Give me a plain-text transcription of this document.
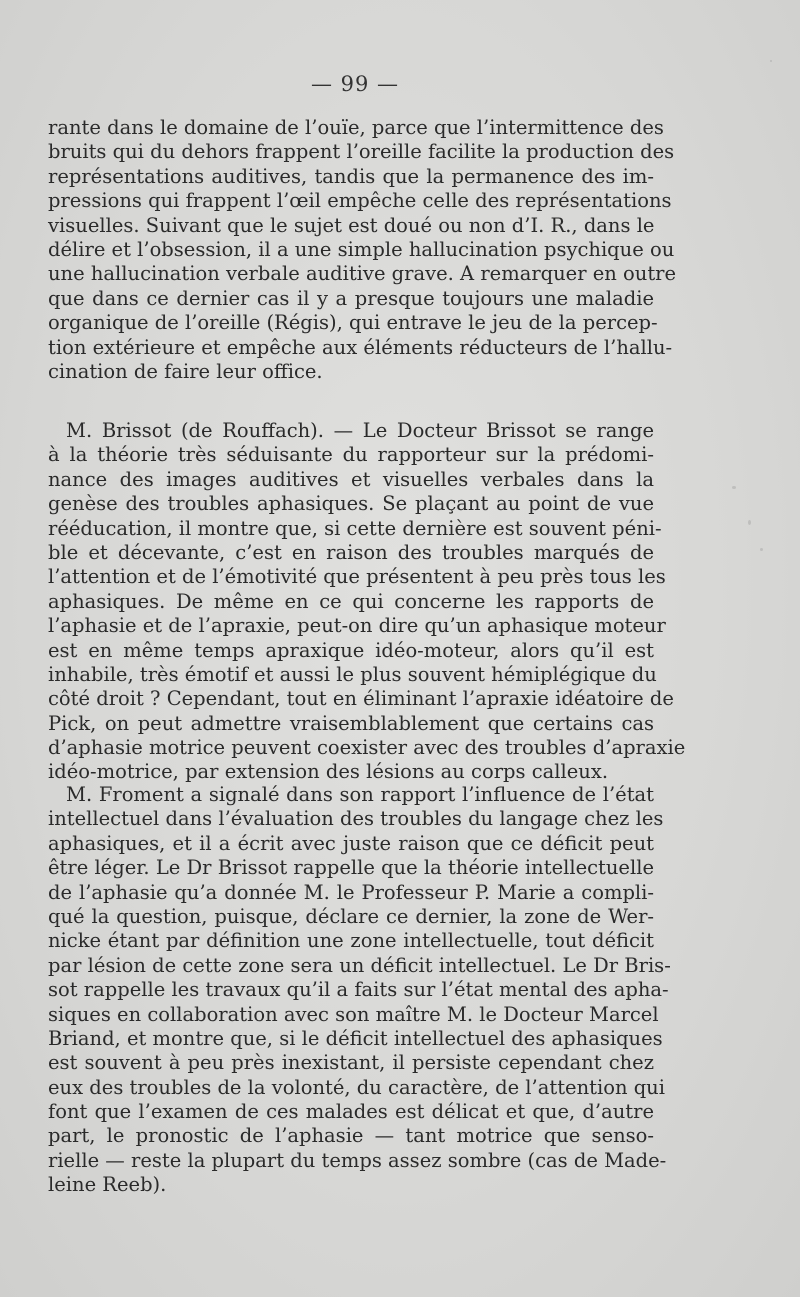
— 99 —
rante dans le domaine de l’ouïe, parce que l’intermittence des
bruits qui du dehors frappent l’oreille facilite la production des
représentations auditives, tandis que la permanence des im-
pressions qui frappent l’œil empêche celle des représentations
visuelles. Suivant que le sujet est doué ou non d’I. R., dans le
délire et l’obsession, il a une simple hallucination psychique ou
une hallucination verbale auditive grave. A remarquer en outre
que dans ce dernier cas il y a presque toujours une maladie
organique de l’oreille (Régis), qui entrave le jeu de la percep-
tion extérieure et empêche aux éléments réducteurs de l’hallu-
cination de faire leur office.
M. Brissot (de Rouffach). — Le Docteur Brissot se range
à la théorie très séduisante du rapporteur sur la prédomi-
nance des images auditives et visuelles verbales dans la
genèse des troubles aphasiques. Se plaçant au point de vue
rééducation, il montre que, si cette dernière est souvent péni-
ble et décevante, c’est en raison des troubles marqués de
l’attention et de l’émotivité que présentent à peu près tous les
aphasiques. De même en ce qui concerne les rapports de
l’aphasie et de l’apraxie, peut-on dire qu’un aphasique moteur
est en même temps apraxique idéo-moteur, alors qu’il est
inhabile, très émotif et aussi le plus souvent hémiplégique du
côté droit ? Cependant, tout en éliminant l’apraxie idéatoire de
Pick, on peut admettre vraisemblablement que certains cas
d’aphasie motrice peuvent coexister avec des troubles d’apraxie
idéo-motrice, par extension des lésions au corps calleux.
M. Froment a signalé dans son rapport l’influence de l’état
intellectuel dans l’évaluation des troubles du langage chez les
aphasiques, et il a écrit avec juste raison que ce déficit peut
être léger. Le Dr Brissot rappelle que la théorie intellectuelle
de l’aphasie qu’a donnée M. le Professeur P. Marie a compli-
qué la question, puisque, déclare ce dernier, la zone de Wer-
nicke étant par définition une zone intellectuelle, tout déficit
par lésion de cette zone sera un déficit intellectuel. Le Dr Bris-
sot rappelle les travaux qu’il a faits sur l’état mental des apha-
siques en collaboration avec son maître M. le Docteur Marcel
Briand, et montre que, si le déficit intellectuel des aphasiques
est souvent à peu près inexistant, il persiste cependant chez
eux des troubles de la volonté, du caractère, de l’attention qui
font que l’examen de ces malades est délicat et que, d’autre
part, le pronostic de l’aphasie — tant motrice que senso-
rielle — reste la plupart du temps assez sombre (cas de Made-
leine Reeb).
